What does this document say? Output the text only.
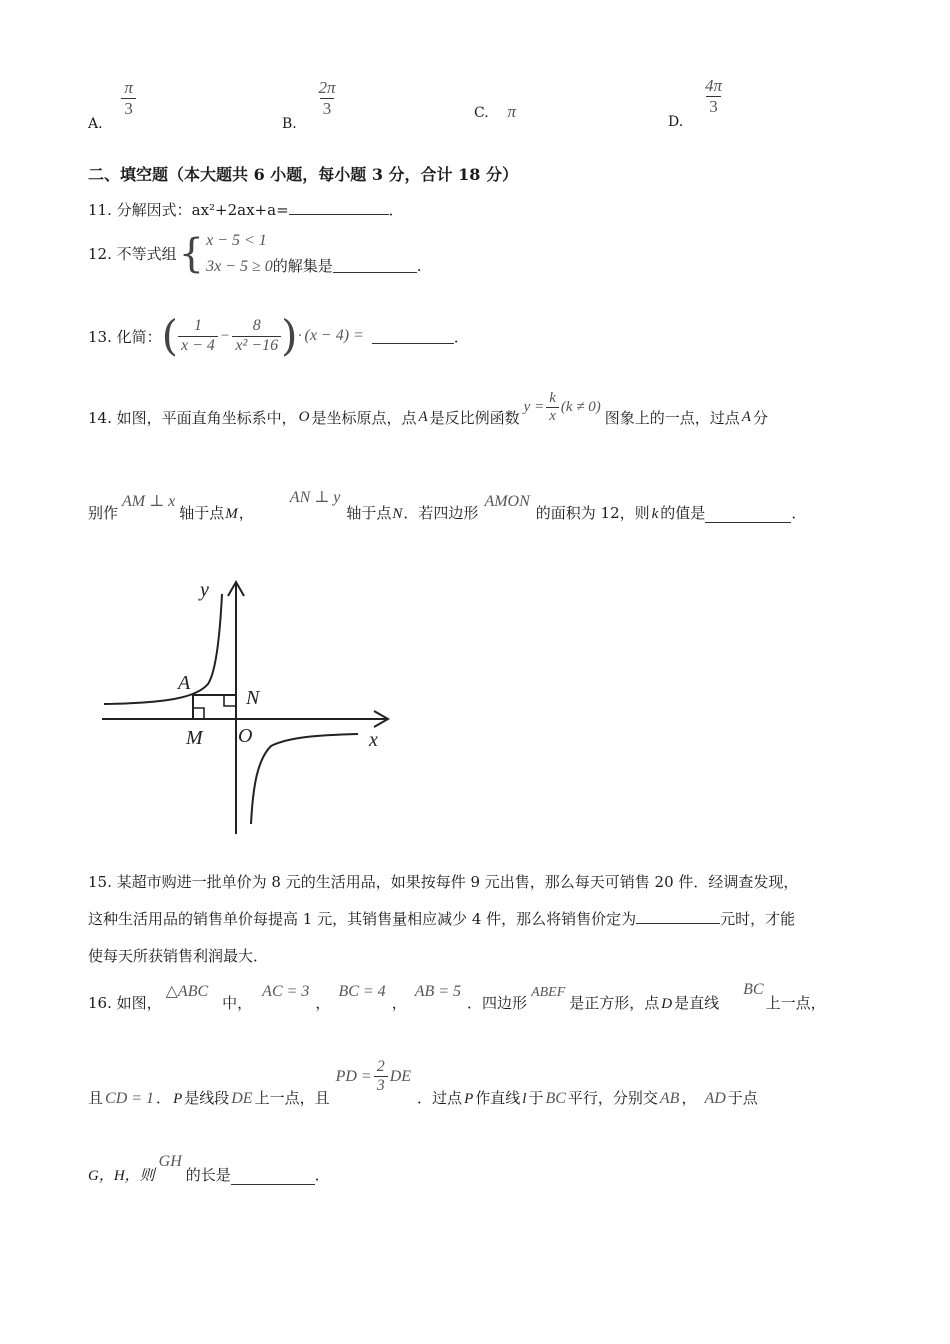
A.
$\frac{\pi}{3}$
B.
$\frac{2\pi}{3}$	C. π
D.
$\frac{4\pi}{3}$
二、填空题（本大题共 6 小题，每小题 3 分，合计 18 分）
11. 分解因式：ax²+2ax+a=	．
12. 不等式组 { x − 5 < 1
3x − 5 ≥ 0 的解集是	.
13. 化简： ( $\frac{1}{x - 4} - \frac{8}{\text{x² −16}}$ ) · (x − 4) =	．
14. 如图，平面直角坐标系中， O 是坐标原点，点 A 是反比例函数
$y = \frac{k}{x} (k \ne 0)$
图象上的一点，过点 A 分
别作
AM ⊥ x
轴于点 M ，
AN ⊥ y
轴于点 N ．若四边形
AMON
的面积为 12，则 k 的值是	．
y
x
A
N
M O
15. 某超市购进一批单价为 8 元的生活用品，如果按每件 9 元出售，那么每天可销售 20 件．经调查发现，
这种生活用品的销售单价每提高 1 元，其销售量相应减少 4 件，那么将销售价定为	元时，才能
使每天所获销售利润最大．
16. 如图，
△ABC
中，
AC = 3
，
BC = 4
，
AB = 5
．四边形
ABEF
是正方形，点 D 是直线
BC
上一点，
且 CD = 1 ． P 是线段 DE 上一点，且
PD = $\frac{2}{3}$ DE
．过点 P 作直线 l 于 BC 平行，分别交 AB ， AD 于点
G，H，则
GH
的长是	．
